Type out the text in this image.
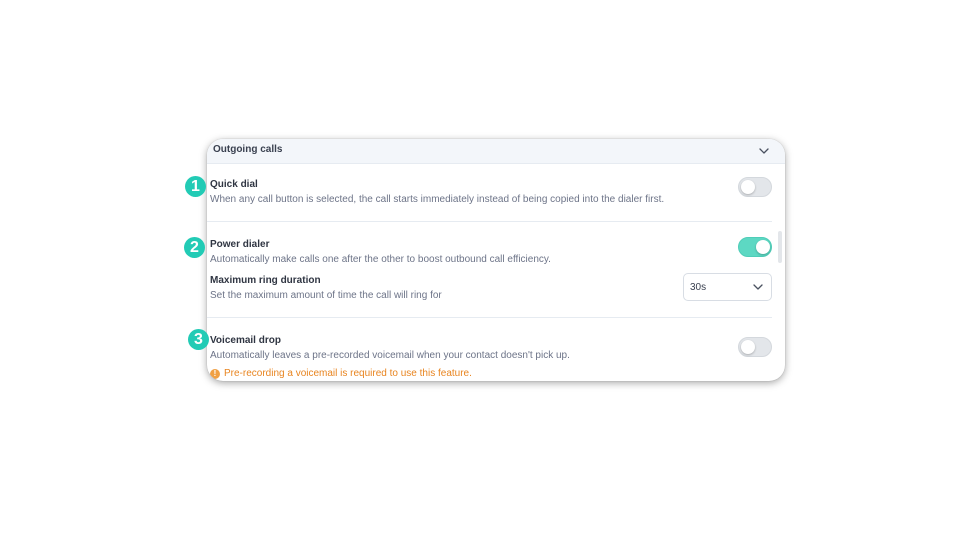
Outgoing calls
Quick dial
When any call button is selected, the call starts immediately instead of being copied into the dialer first.
Power dialer
Automatically make calls one after the other to boost outbound call efficiency.
Maximum ring duration
Set the maximum amount of time the call will ring for
30s
Voicemail drop
Automatically leaves a pre-recorded voicemail when your contact doesn't pick up.
! Pre-recording a voicemail is required to use this feature.
1
2
3
